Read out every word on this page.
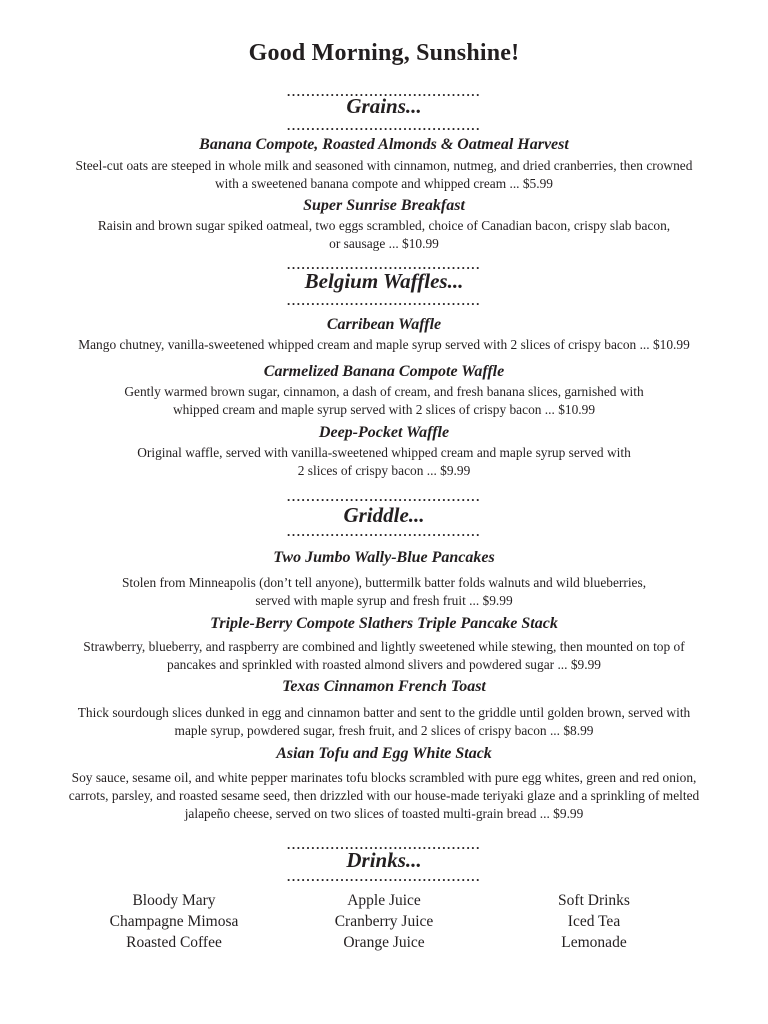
Good Morning, Sunshine!
........................................
Grains...
........................................
Banana Compote, Roasted Almonds & Oatmeal Harvest
Steel-cut oats are steeped in whole milk and seasoned with cinnamon, nutmeg, and dried cranberries, then crowned
with a sweetened banana compote and whipped cream ... $5.99
Super Sunrise Breakfast
Raisin and brown sugar spiked oatmeal, two eggs scrambled, choice of Canadian bacon, crispy slab bacon,
or sausage ... $10.99
........................................
Belgium Waffles...
........................................
Carribean Waffle
Mango chutney, vanilla-sweetened whipped cream and maple syrup served with 2 slices of crispy bacon ... $10.99
Carmelized Banana Compote Waffle
Gently warmed brown sugar, cinnamon, a dash of cream, and fresh banana slices, garnished with
whipped cream and maple syrup served with 2 slices of crispy bacon ... $10.99
Deep-Pocket Waffle
Original waffle, served with vanilla-sweetened whipped cream and maple syrup served with
2 slices of crispy bacon ... $9.99
........................................
Griddle...
........................................
Two Jumbo Wally-Blue Pancakes
Stolen from Minneapolis (don’t tell anyone), buttermilk batter folds walnuts and wild blueberries,
served with maple syrup and fresh fruit ... $9.99
Triple-Berry Compote Slathers Triple Pancake Stack
Strawberry, blueberry, and raspberry are combined and lightly sweetened while stewing, then mounted on top of
pancakes and sprinkled with roasted almond slivers and powdered sugar ... $9.99
Texas Cinnamon French Toast
Thick sourdough slices dunked in egg and cinnamon batter and sent to the griddle until golden brown, served with
maple syrup, powdered sugar, fresh fruit, and 2 slices of crispy bacon ... $8.99
Asian Tofu and Egg White Stack
Soy sauce, sesame oil, and white pepper marinates tofu blocks scrambled with pure egg whites, green and red onion,
carrots, parsley, and roasted sesame seed, then drizzled with our house-made teriyaki glaze and a sprinkling of melted
jalapeño cheese, served on two slices of toasted multi-grain bread ... $9.99
........................................
Drinks...
........................................
Bloody Mary
Champagne Mimosa
Roasted Coffee
Apple Juice
Cranberry Juice
Orange Juice
Soft Drinks
Iced Tea
Lemonade
